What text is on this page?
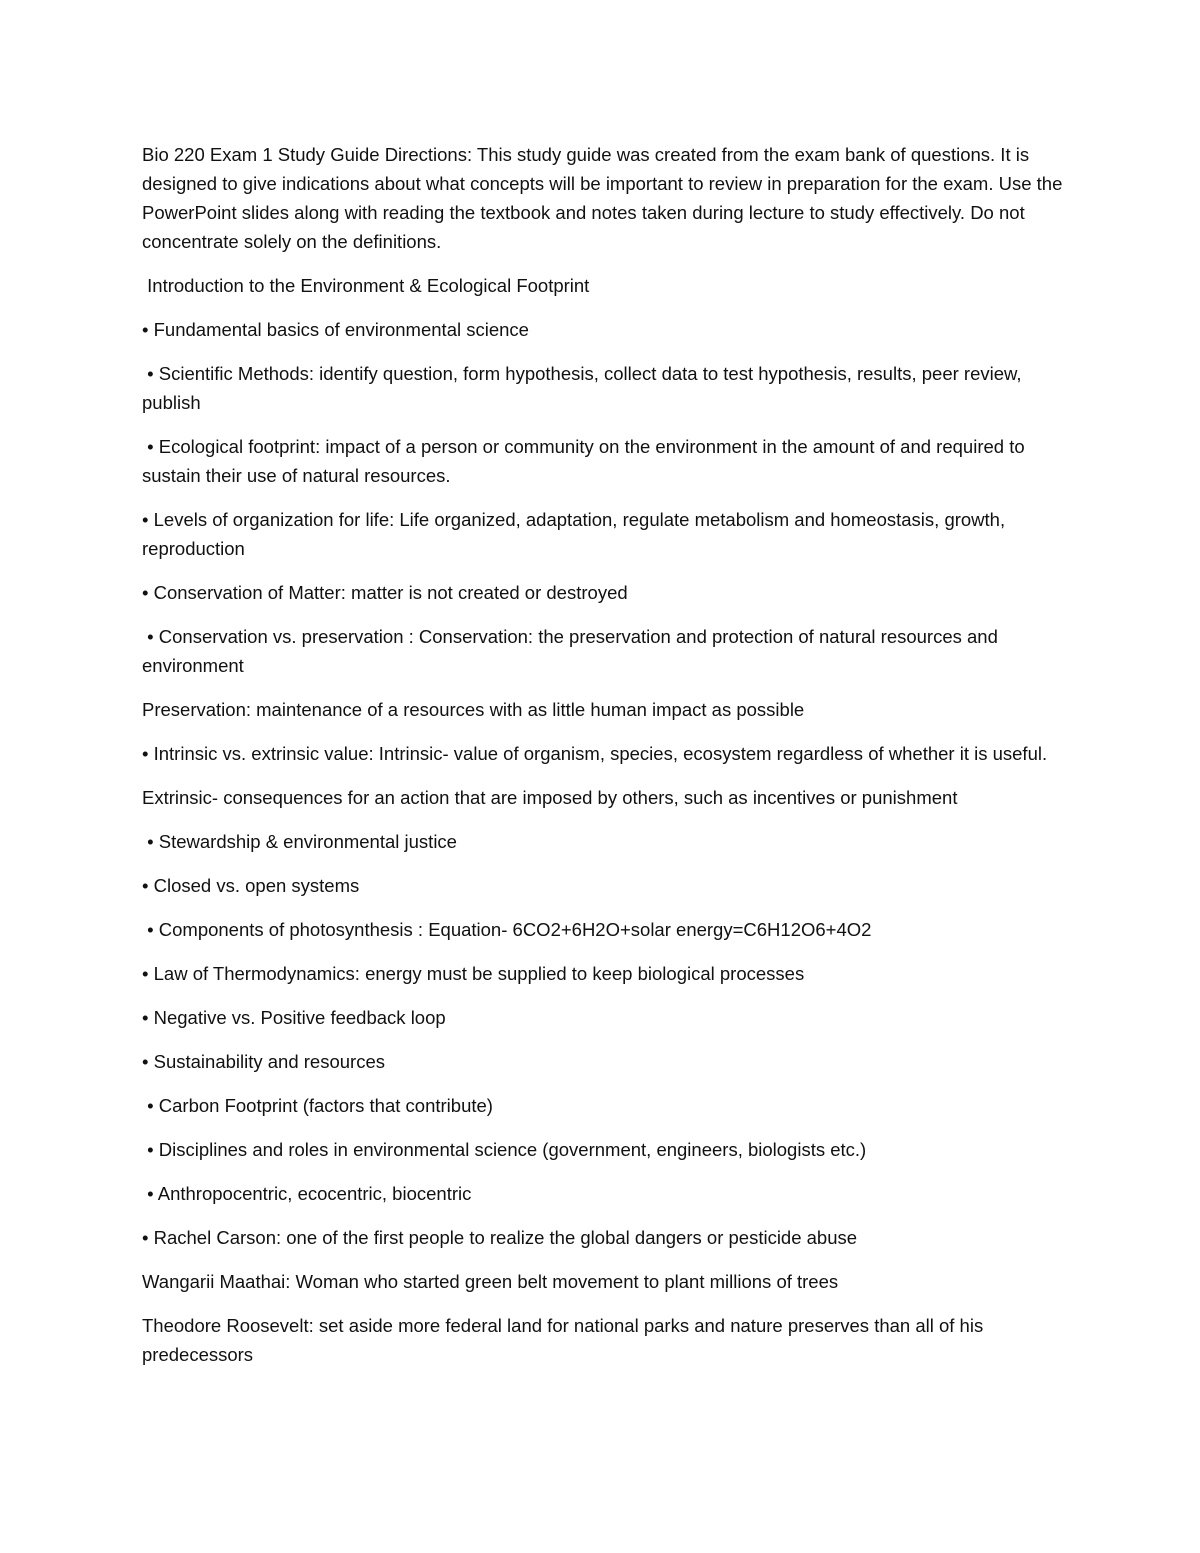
Bio 220 Exam 1 Study Guide Directions: This study guide was created from the exam bank of questions. It is designed to give indications about what concepts will be important to review in preparation for the exam. Use the PowerPoint slides along with reading the textbook and notes taken during lecture to study effectively. Do not concentrate solely on the definitions.

Introduction to the Environment & Ecological Footprint

• Fundamental basics of environmental science

• Scientific Methods: identify question, form hypothesis, collect data to test hypothesis, results, peer review, publish

• Ecological footprint: impact of a person or community on the environment in the amount of and required to sustain their use of natural resources.

• Levels of organization for life: Life organized, adaptation, regulate metabolism and homeostasis, growth, reproduction

• Conservation of Matter: matter is not created or destroyed

• Conservation vs. preservation : Conservation: the preservation and protection of natural resources and environment

Preservation: maintenance of a resources with as little human impact as possible

• Intrinsic vs. extrinsic value: Intrinsic- value of organism, species, ecosystem regardless of whether it is useful.

Extrinsic- consequences for an action that are imposed by others, such as incentives or punishment

• Stewardship & environmental justice

• Closed vs. open systems

• Components of photosynthesis : Equation- 6CO2+6H2O+solar energy=C6H12O6+4O2

• Law of Thermodynamics: energy must be supplied to keep biological processes

• Negative vs. Positive feedback loop

• Sustainability and resources

• Carbon Footprint (factors that contribute)

• Disciplines and roles in environmental science (government, engineers, biologists etc.)

• Anthropocentric, ecocentric, biocentric

• Rachel Carson: one of the first people to realize the global dangers or pesticide abuse

Wangarii Maathai: Woman who started green belt movement to plant millions of trees

Theodore Roosevelt: set aside more federal land for national parks and nature preserves than all of his predecessors
